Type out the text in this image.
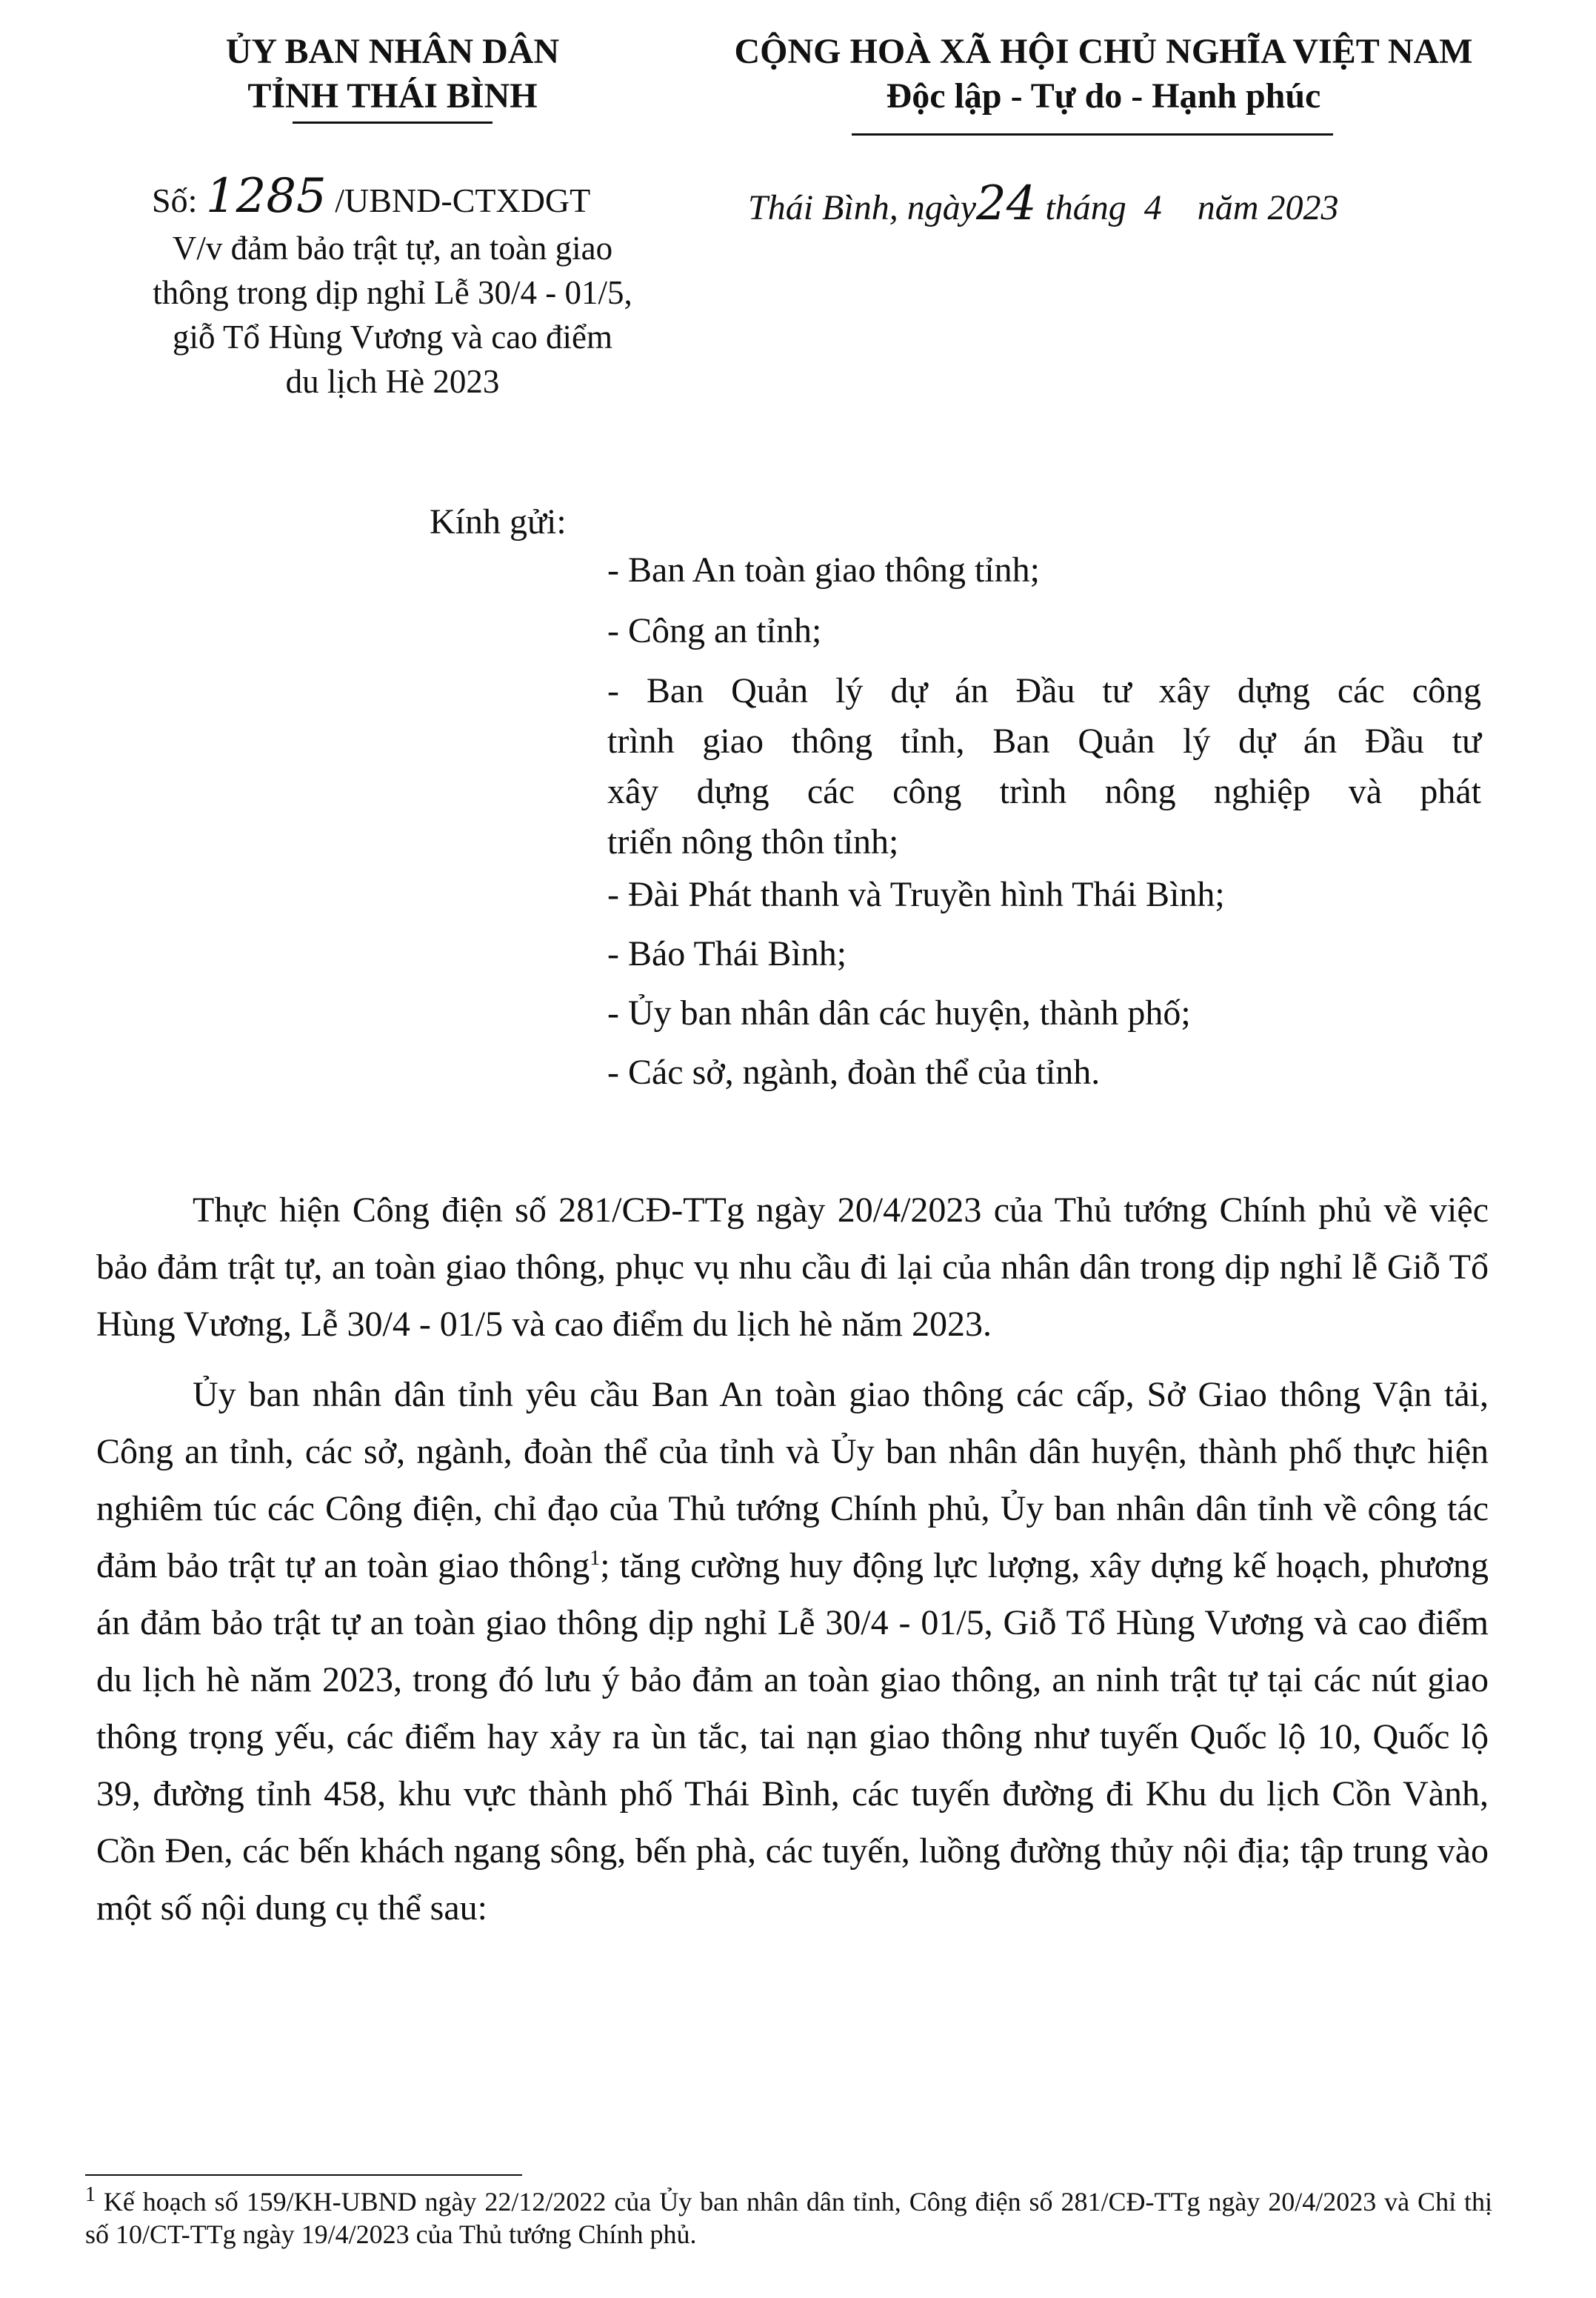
ỦY BAN NHÂN DÂN
TỈNH THÁI BÌNH
CỘNG HOÀ XÃ HỘI CHỦ NGHĨA VIỆT NAM
Độc lập - Tự do - Hạnh phúc
Số: 1285 /UBND-CTXDGT
V/v đảm bảo trật tự, an toàn giao
thông trong dịp nghỉ Lễ 30/4 - 01/5,
giỗ Tổ Hùng Vương và cao điểm
du lịch Hè 2023
Thái Bình, ngày24 tháng 4 năm 2023
Kính gửi:
- Ban An toàn giao thông tỉnh;
- Công an tỉnh;
- Ban Quản lý dự án Đầu tư xây dựng các công
trình giao thông tỉnh, Ban Quản lý dự án Đầu tư
xây dựng các công trình nông nghiệp và phát
triển nông thôn tỉnh;
- Đài Phát thanh và Truyền hình Thái Bình;
- Báo Thái Bình;
- Ủy ban nhân dân các huyện, thành phố;
- Các sở, ngành, đoàn thể của tỉnh.

Thực hiện Công điện số 281/CĐ-TTg ngày 20/4/2023 của Thủ tướng Chính phủ về việc bảo đảm trật tự, an toàn giao thông, phục vụ nhu cầu đi lại của nhân dân trong dịp nghỉ lễ Giỗ Tổ Hùng Vương, Lễ 30/4 - 01/5 và cao điểm du lịch hè năm 2023.

Ủy ban nhân dân tỉnh yêu cầu Ban An toàn giao thông các cấp, Sở Giao thông Vận tải, Công an tỉnh, các sở, ngành, đoàn thể của tỉnh và Ủy ban nhân dân huyện, thành phố thực hiện nghiêm túc các Công điện, chỉ đạo của Thủ tướng Chính phủ, Ủy ban nhân dân tỉnh về công tác đảm bảo trật tự an toàn giao thông$^1$; tăng cường huy động lực lượng, xây dựng kế hoạch, phương án đảm bảo trật tự an toàn giao thông dịp nghỉ Lễ 30/4 - 01/5, Giỗ Tổ Hùng Vương và cao điểm du lịch hè năm 2023, trong đó lưu ý bảo đảm an toàn giao thông, an ninh trật tự tại các nút giao thông trọng yếu, các điểm hay xảy ra ùn tắc, tai nạn giao thông như tuyến Quốc lộ 10, Quốc lộ 39, đường tỉnh 458, khu vực thành phố Thái Bình, các tuyến đường đi Khu du lịch Cồn Vành, Cồn Đen, các bến khách ngang sông, bến phà, các tuyến, luồng đường thủy nội địa; tập trung vào một số nội dung cụ thể sau:

$^1$ Kế hoạch số 159/KH-UBND ngày 22/12/2022 của Ủy ban nhân dân tỉnh, Công điện số 281/CĐ-TTg ngày 20/4/2023 và Chỉ thị số 10/CT-TTg ngày 19/4/2023 của Thủ tướng Chính phủ.
